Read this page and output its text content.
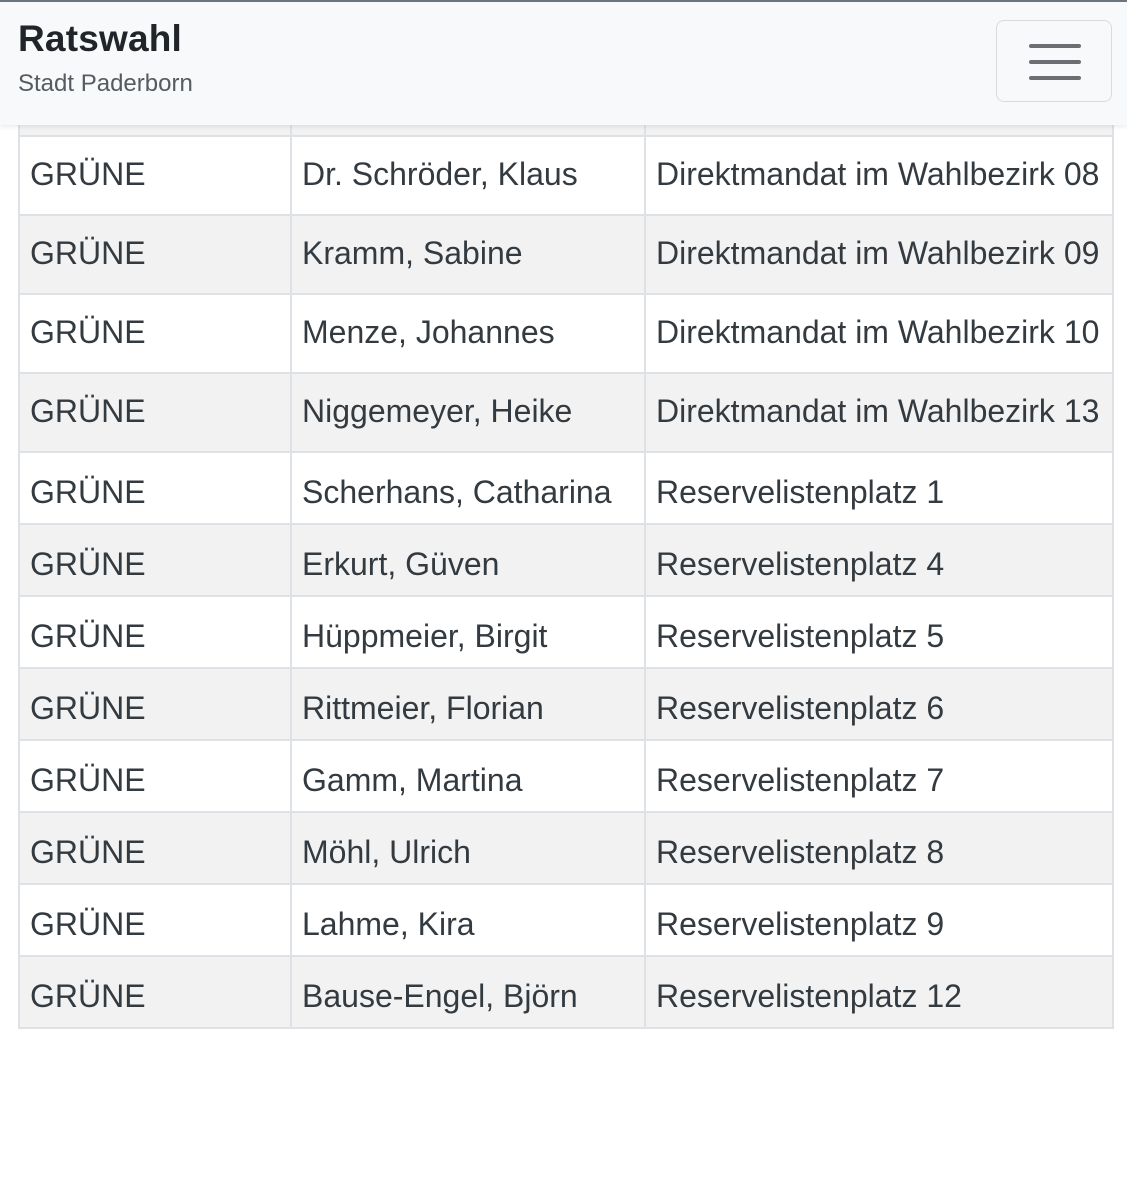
Ratswahl
Stadt Paderborn

GRÜNE	Dr. Schröder, Klaus	Direktmandat im Wahlbezirk 08
GRÜNE	Kramm, Sabine	Direktmandat im Wahlbezirk 09
GRÜNE	Menze, Johannes	Direktmandat im Wahlbezirk 10
GRÜNE	Niggemeyer, Heike	Direktmandat im Wahlbezirk 13
GRÜNE	Scherhans, Catharina	Reservelistenplatz 1
GRÜNE	Erkurt, Güven	Reservelistenplatz 4
GRÜNE	Hüppmeier, Birgit	Reservelistenplatz 5
GRÜNE	Rittmeier, Florian	Reservelistenplatz 6
GRÜNE	Gamm, Martina	Reservelistenplatz 7
GRÜNE	Möhl, Ulrich	Reservelistenplatz 8
GRÜNE	Lahme, Kira	Reservelistenplatz 9
GRÜNE	Bause-Engel, Björn	Reservelistenplatz 12
